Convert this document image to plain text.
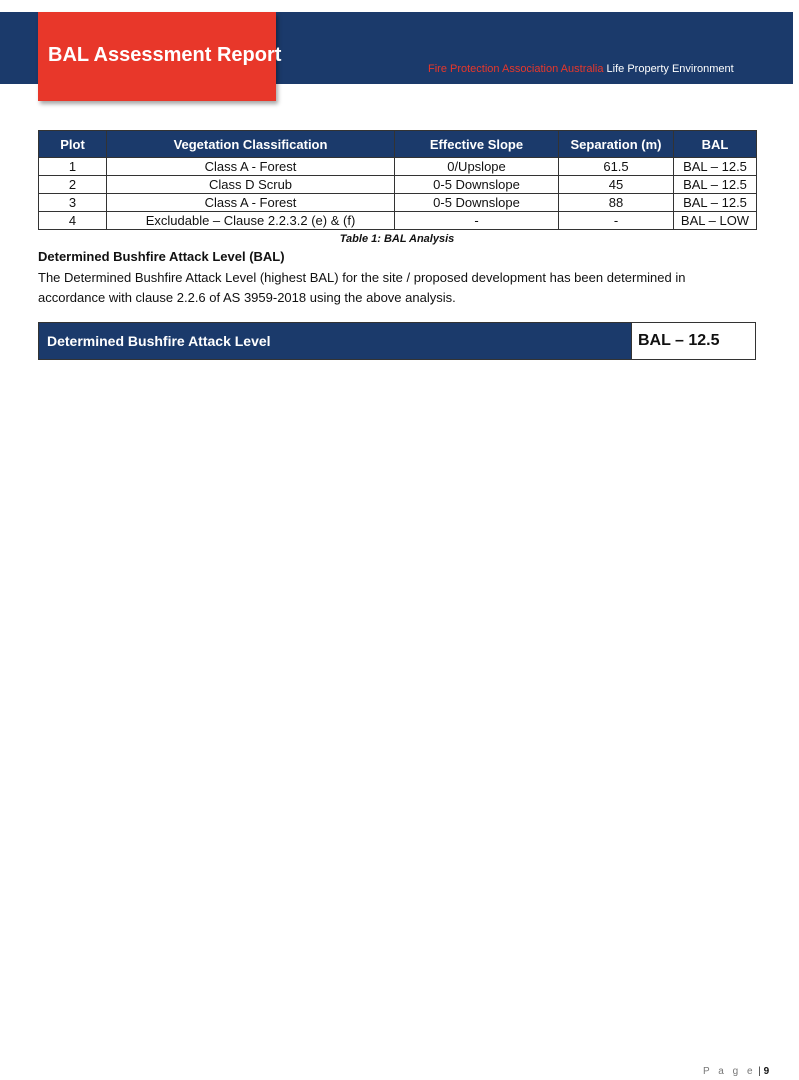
Fire Protection Association Australia Life Property Environment
BAL Assessment Report
Plot	Vegetation Classification	Effective Slope	Separation (m)	BAL
1	Class A - Forest	0/Upslope	61.5	BAL – 12.5
2	Class D Scrub	0-5 Downslope	45	BAL – 12.5
3	Class A - Forest	0-5 Downslope	88	BAL – 12.5
4	Excludable – Clause 2.2.3.2 (e) & (f)	-	-	BAL – LOW
Table 1: BAL Analysis
Determined Bushfire Attack Level (BAL)
The Determined Bushfire Attack Level (highest BAL) for the site / proposed development has been determined in
accordance with clause 2.2.6 of AS 3959-2018 using the above analysis.
Determined Bushfire Attack Level	BAL – 12.5
P a g e | 9
